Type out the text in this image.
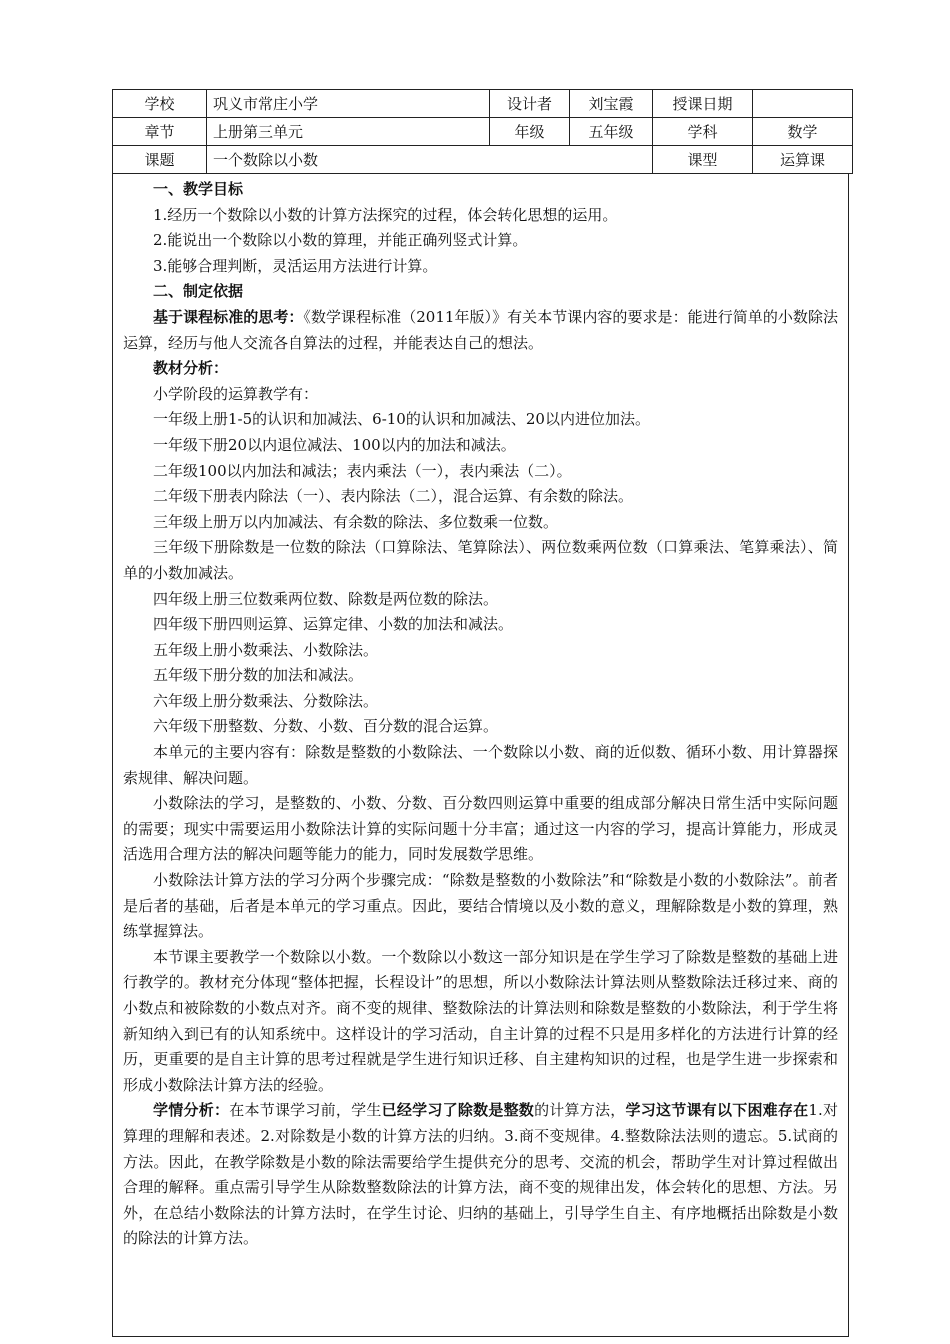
学校	巩义市常庄小学	设计者	刘宝霞	授课日期	
章节	上册第三单元	年级	五年级	学科	数学
课题	一个数除以小数			课型	运算课

一、教学目标

1.经历一个数除以小数的计算方法探究的过程，体会转化思想的运用。

2.能说出一个数除以小数的算理，并能正确列竖式计算。

3.能够合理判断，灵活运用方法进行计算。

二、制定依据

基于课程标准的思考：《数学课程标准（2011年版）》有关本节课内容的要求是：能进行简单的小数除法运算，经历与他人交流各自算法的过程，并能表达自己的想法。

教材分析：

小学阶段的运算教学有：

一年级上册1-5的认识和加减法、6-10的认识和加减法、20以内进位加法。

一年级下册20以内退位减法、100以内的加法和减法。

二年级100以内加法和减法；表内乘法（一），表内乘法（二）。

二年级下册表内除法（一）、表内除法（二），混合运算、有余数的除法。

三年级上册万以内加减法、有余数的除法、多位数乘一位数。

三年级下册除数是一位数的除法（口算除法、笔算除法）、两位数乘两位数（口算乘法、笔算乘法）、简单的小数加减法。

四年级上册三位数乘两位数、除数是两位数的除法。

四年级下册四则运算、运算定律、小数的加法和减法。

五年级上册小数乘法、小数除法。

五年级下册分数的加法和减法。

六年级上册分数乘法、分数除法。

六年级下册整数、分数、小数、百分数的混合运算。

本单元的主要内容有：除数是整数的小数除法、一个数除以小数、商的近似数、循环小数、用计算器探索规律、解决问题。

小数除法的学习，是整数的、小数、分数、百分数四则运算中重要的组成部分解决日常生活中实际问题的需要；现实中需要运用小数除法计算的实际问题十分丰富；通过这一内容的学习，提高计算能力，形成灵活选用合理方法的解决问题等能力的能力，同时发展数学思维。

小数除法计算方法的学习分两个步骤完成：“除数是整数的小数除法”和“除数是小数的小数除法”。前者是后者的基础，后者是本单元的学习重点。因此，要结合情境以及小数的意义，理解除数是小数的算理，熟练掌握算法。

本节课主要教学一个数除以小数。一个数除以小数这一部分知识是在学生学习了除数是整数的基础上进行教学的。教材充分体现“整体把握，长程设计”的思想，所以小数除法计算法则从整数除法迁移过来、商的小数点和被除数的小数点对齐。商不变的规律、整数除法的计算法则和除数是整数的小数除法，利于学生将新知纳入到已有的认知系统中。这样设计的学习活动，自主计算的过程不只是用多样化的方法进行计算的经历，更重要的是自主计算的思考过程就是学生进行知识迁移、自主建构知识的过程，也是学生进一步探索和形成小数除法计算方法的经验。

学情分析：在本节课学习前，学生已经学习了除数是整数的计算方法，学习这节课有以下困难存在1.对算理的理解和表述。2.对除数是小数的计算方法的归纳。3.商不变规律。4.整数除法法则的遗忘。5.试商的方法。因此，在教学除数是小数的除法需要给学生提供充分的思考、交流的机会，帮助学生对计算过程做出合理的解释。重点需引导学生从除数整数除法的计算方法，商不变的规律出发，体会转化的思想、方法。另外，在总结小数除法的计算方法时，在学生讨论、归纳的基础上，引导学生自主、有序地概括出除数是小数的除法的计算方法。
